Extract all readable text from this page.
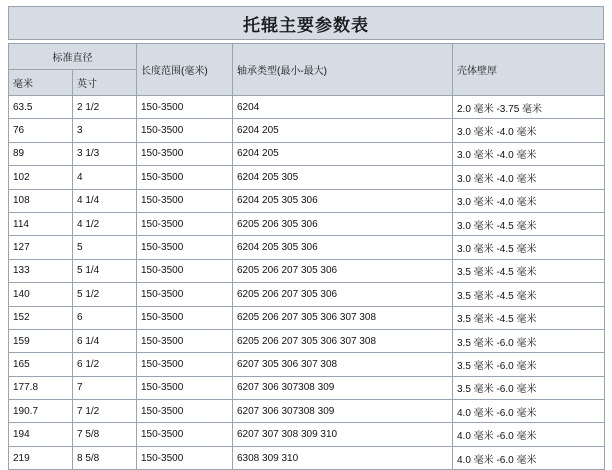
托辊主要参数表
标准直径		长度范围(毫米)	轴承类型(最小-最大)	壳体壁厚
毫米	英寸			
63.5	2 1/2	150-3500	6204	2.0 毫米 -3.75 毫米
76	3	150-3500	6204 205	3.0 毫米 -4.0 毫米
89	3 1/3	150-3500	6204 205	3.0 毫米 -4.0 毫米
102	4	150-3500	6204 205 305	3.0 毫米 -4.0 毫米
108	4 1/4	150-3500	6204 205 305 306	3.0 毫米 -4.0 毫米
114	4 1/2	150-3500	6205 206 305 306	3.0 毫米 -4.5 毫米
127	5	150-3500	6204 205 305 306	3.0 毫米 -4.5 毫米
133	5 1/4	150-3500	6205 206 207 305 306	3.5 毫米 -4.5 毫米
140	5 1/2	150-3500	6205 206 207 305 306	3.5 毫米 -4.5 毫米
152	6	150-3500	6205 206 207 305 306 307 308	3.5 毫米 -4.5 毫米
159	6 1/4	150-3500	6205 206 207 305 306 307 308	3.5 毫米 -6.0 毫米
165	6 1/2	150-3500	6207 305 306 307 308	3.5 毫米 -6.0 毫米
177.8	7	150-3500	6207 306 307308 309	3.5 毫米 -6.0 毫米
190.7	7 1/2	150-3500	6207 306 307308 309	4.0 毫米 -6.0 毫米
194	7 5/8	150-3500	6207 307 308 309 310	4.0 毫米 -6.0 毫米
219	8 5/8	150-3500	6308 309 310	4.0 毫米 -6.0 毫米
